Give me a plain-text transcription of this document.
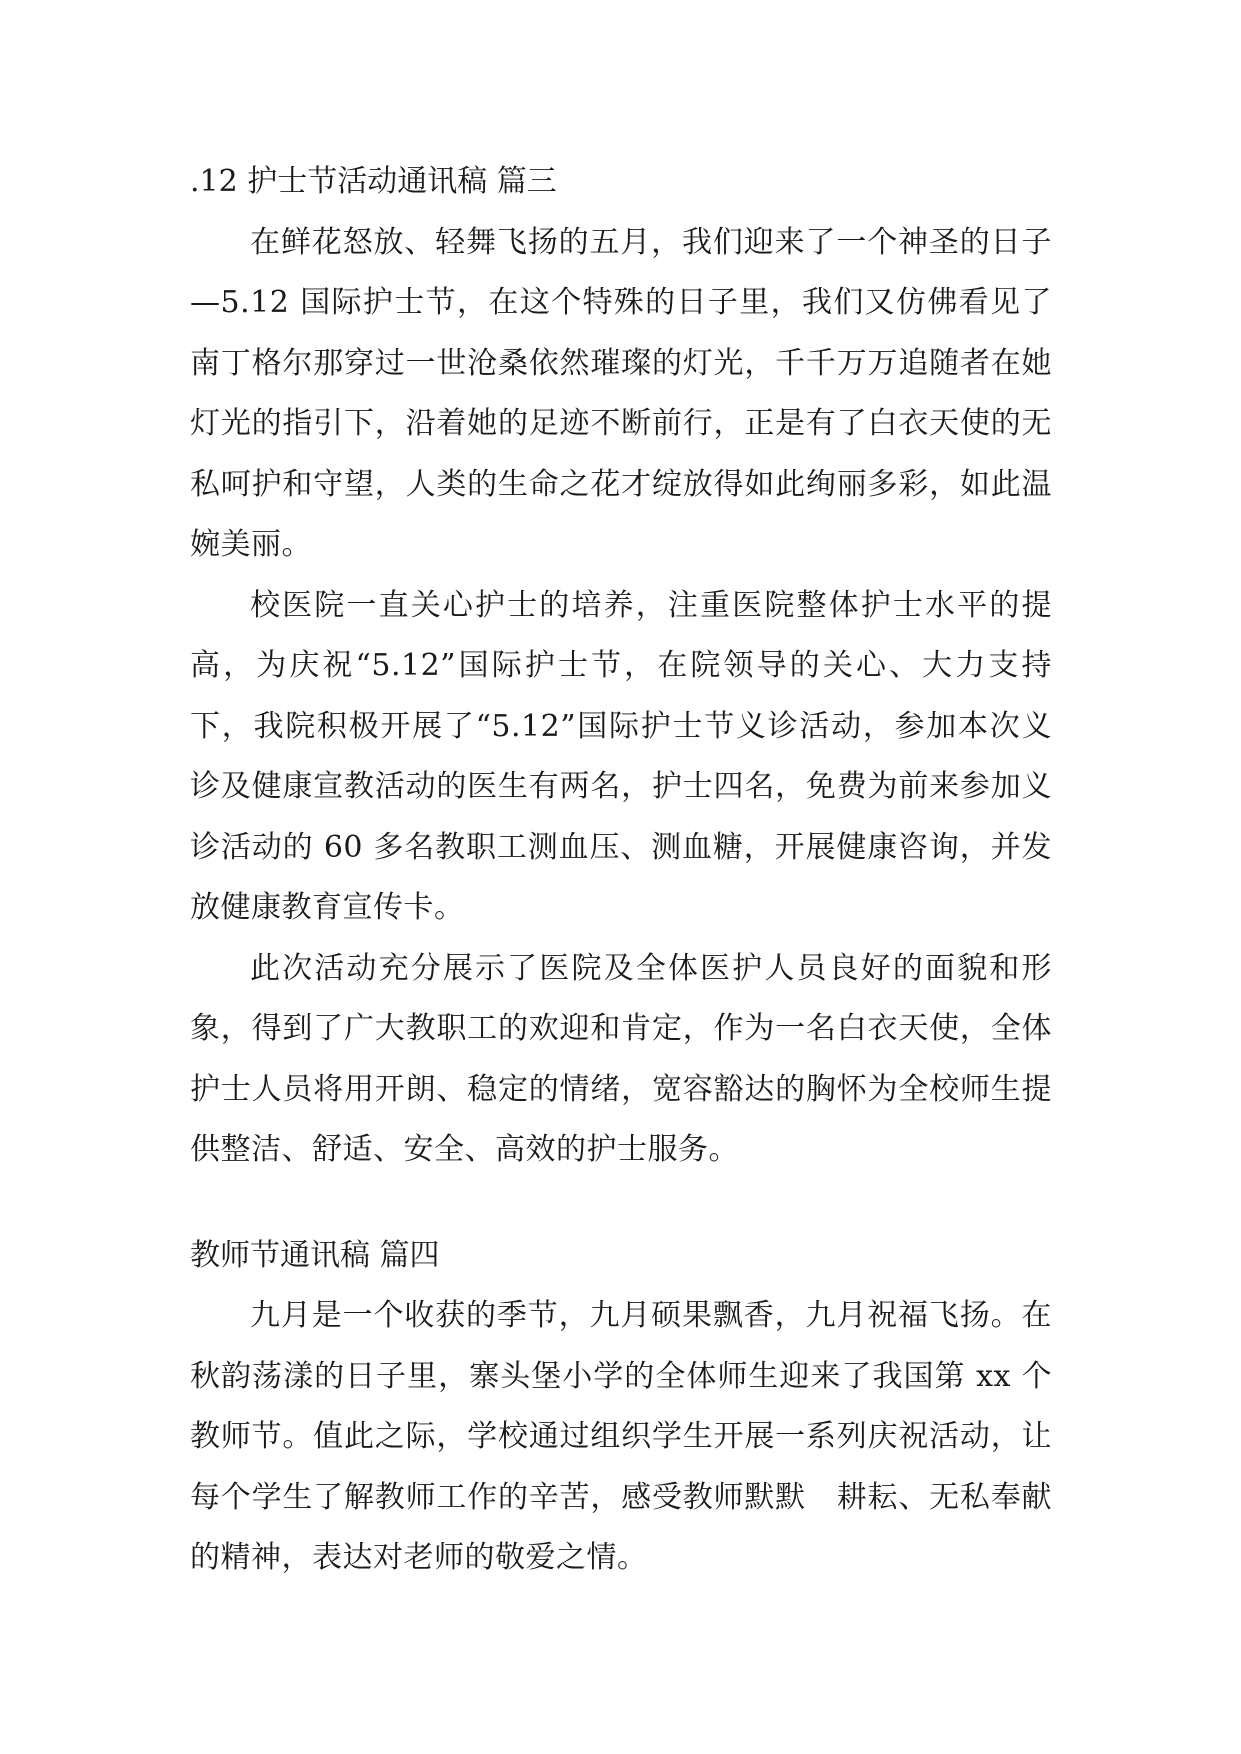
.12 护士节活动通讯稿 篇三

在鲜花怒放、轻舞飞扬的五月，我们迎来了一个神圣的日子—5.12 国际护士节，在这个特殊的日子里，我们又仿佛看见了南丁格尔那穿过一世沧桑依然璀璨的灯光，千千万万追随者在她灯光的指引下，沿着她的足迹不断前行，正是有了白衣天使的无私呵护和守望，人类的生命之花才绽放得如此绚丽多彩，如此温婉美丽。

校医院一直关心护士的培养，注重医院整体护士水平的提高，为庆祝“5.12”国际护士节，在院领导的关心、大力支持下，我院积极开展了“5.12”国际护士节义诊活动，参加本次义诊及健康宣教活动的医生有两名，护士四名，免费为前来参加义诊活动的 60 多名教职工测血压、测血糖，开展健康咨询，并发放健康教育宣传卡。

此次活动充分展示了医院及全体医护人员良好的面貌和形象，得到了广大教职工的欢迎和肯定，作为一名白衣天使，全体护士人员将用开朗、稳定的情绪，宽容豁达的胸怀为全校师生提供整洁、舒适、安全、高效的护士服务。

教师节通讯稿 篇四

九月是一个收获的季节，九月硕果飘香，九月祝福飞扬。在秋韵荡漾的日子里，寨头堡小学的全体师生迎来了我国第 xx 个教师节。值此之际，学校通过组织学生开展一系列庆祝活动，让每个学生了解教师工作的辛苦，感受教师默默　耕耘、无私奉献的精神，表达对老师的敬爱之情。
